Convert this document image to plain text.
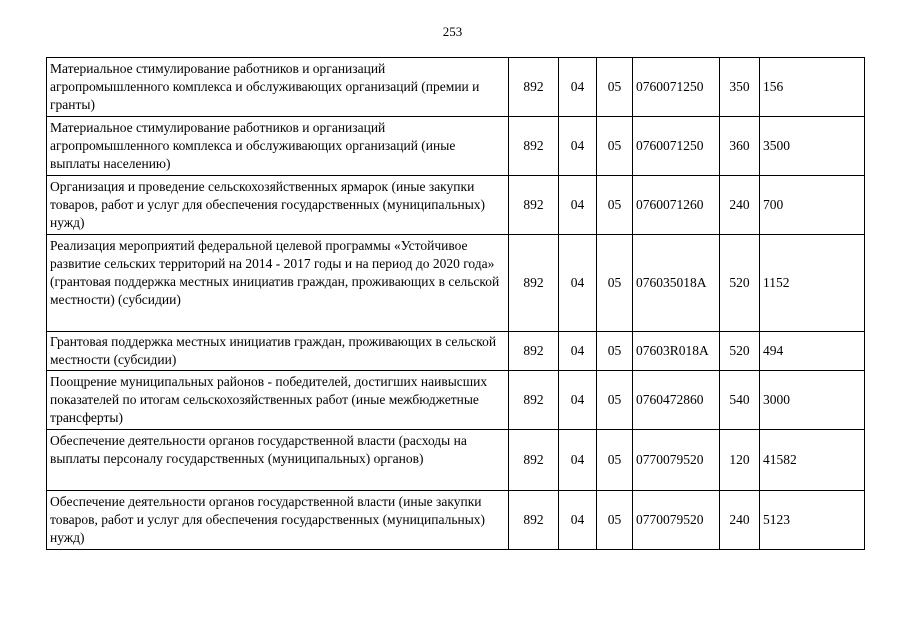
253
Материальное стимулирование работников и организаций агропромышленного комплекса и обслуживающих организаций (премии и гранты)	892	04	05	0760071250	350	156
Материальное стимулирование работников и организаций агропромышленного комплекса и обслуживающих организаций (иные выплаты населению)	892	04	05	0760071250	360	3500
Организация и проведение сельскохозяйственных ярмарок (иные закупки товаров, работ и услуг для обеспечения государственных (муниципальных) нужд)	892	04	05	0760071260	240	700
Реализация мероприятий федеральной целевой программы «Устойчивое развитие сельских территорий на 2014 - 2017 годы и на период до 2020 года» (грантовая поддержка местных инициатив граждан, проживающих в сельской местности) (субсидии)	892	04	05	076035018А	520	1152
Грантовая поддержка местных инициатив граждан, проживающих в сельской местности (субсидии)	892	04	05	07603R018А	520	494
Поощрение муниципальных районов - победителей, достигших наивысших показателей по итогам сельскохозяйственных работ (иные межбюджетные трансферты)	892	04	05	0760472860	540	3000
Обеспечение деятельности органов государственной власти (расходы на выплаты персоналу государственных (муниципальных) органов)	892	04	05	0770079520	120	41582
Обеспечение деятельности органов государственной власти (иные закупки товаров, работ и услуг для обеспечения государственных (муниципальных) нужд)	892	04	05	0770079520	240	5123
